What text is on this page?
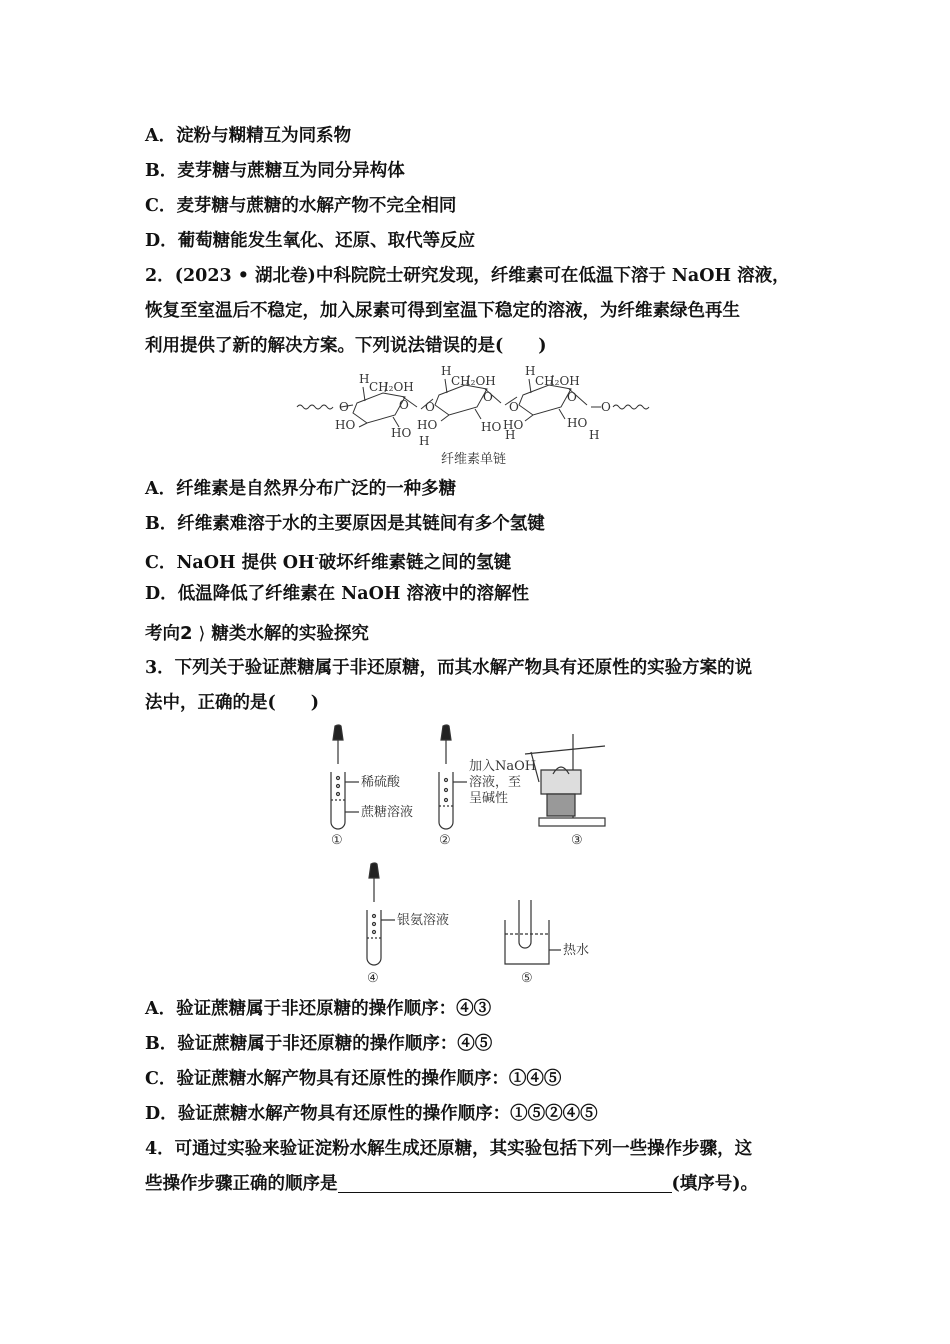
A．淀粉与糊精互为同系物
B．麦芽糖与蔗糖互为同分异构体
C．麦芽糖与蔗糖的水解产物不完全相同
D．葡萄糖能发生氧化、还原、取代等反应
2．(2023 • 湖北卷)中科院院士研究发现，纤维素可在低温下溶于 NaOH 溶液，
恢复至室温后不稳定，加入尿素可得到室温下稳定的溶液，为纤维素绿色再生
利用提供了新的解决方案。下列说法错误的是(　　)
H
CH₂OH
O	O
HO
HO
H
O
H
CH₂OH
O
HO	HO
H
O
H
CH₂OH
O
HO	HO
H
O
纤维素单链
A．纤维素是自然界分布广泛的一种多糖
B．纤维素难溶于水的主要原因是其链间有多个氢键
C．NaOH 提供 OH-破坏纤维素链之间的氢键
D．低温降低了纤维素在 NaOH 溶液中的溶解性
考向2 ⟩ 糖类水解的实验探究
3．下列关于验证蔗糖属于非还原糖，而其水解产物具有还原性的实验方案的说
法中，正确的是(　　)
稀硫酸
蔗糖溶液
加入NaOH
溶液，至
呈碱性
银氨溶液
热水
①	②	③
④	⑤
A．验证蔗糖属于非还原糖的操作顺序：④③
B．验证蔗糖属于非还原糖的操作顺序：④⑤
C．验证蔗糖水解产物具有还原性的操作顺序：①④⑤
D．验证蔗糖水解产物具有还原性的操作顺序：①⑤②④⑤
4．可通过实验来验证淀粉水解生成还原糖，其实验包括下列一些操作步骤，这
些操作步骤正确的顺序是	(填序号)。
